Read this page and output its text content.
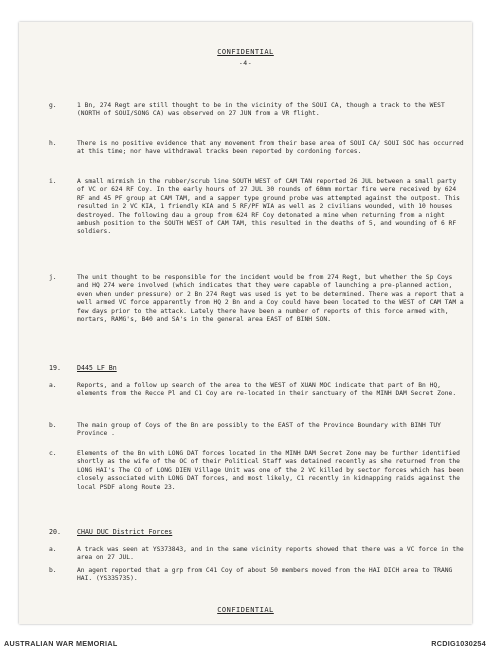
CONFIDENTIAL
-4-
g.	1 Bn, 274 Regt are still thought to be in the vicinity of the SOUI CA, though a track to the WEST (NORTH of SOUI/SONG CA) was observed on 27 JUN from a VR flight.
h.	There is no positive evidence that any movement from their base area of SOUI CA/ SOUI SOC has occurred at this time; nor have withdrawal tracks been reported by cordoning forces.
i.	A small mirmish in the rubber/scrub line SOUTH WEST of CAM TAN reported 26 JUL between a small party of VC or 624 RF Coy. In the early hours of 27 JUL 30 rounds of 60mm mortar fire were received by 624 RF and 45 PF group at CAM TAM, and a sapper type ground probe was attempted against the outpost. This resulted in 2 VC KIA, 1 friendly KIA and 5 RF/PF WIA as well as 2 civilians wounded, with 10 houses destroyed. The following dau a group from 624 RF Coy detonated a mine when returning from a night ambush position to the SOUTH WEST of CAM TAM, this resulted in the deaths of 5, and wounding of 6 RF soldiers.
j.	The unit thought to be responsible for the incident would be from 274 Regt, but whether the Sp Coys and HQ 274 were involved (which indicates that they were capable of launching a pre-planned action, even when under pressure) or 2 Bn 274 Regt was used is yet to be determined. There was a report that a well armed VC force apparently from HQ 2 Bn and a Coy could have been located to the WEST of CAM TAM a few days prior to the attack. Lately there have been a number of reports of this force armed with, mortars, RAMG's, B40 and SA's in the general area EAST of BINH SON.
19. D445 LF Bn
a.	Reports, and a follow up search of the area to the WEST of XUAN MOC indicate that part of Bn HQ, elements from the Recce Pl and C1 Coy are re-located in their sanctuary of the MINH DAM Secret Zone.
b.	The main group of Coys of the Bn are possibly to the EAST of the Province Boundary with BINH TUY Province .
c.	Elements of the Bn with LONG DAT forces located in the MINH DAM Secret Zone may be further identified shortly as the wife of the OC of their Political Staff was detained recently as she returned from the LONG HAI's The CO of LONG DIEN Village Unit was one of the 2 VC killed by sector forces which has been closely associated with LONG DAT forces, and most likely, C1 recently in kidnapping raids against the local PSDF along Route 23.
20. CHAU DUC District Forces
a.	A track was seen at YS373843, and in the same vicinity reports showed that there was a VC force in the area on 27 JUL.
b.	An agent reported that a grp from C41 Coy of about 50 members moved from the HAI DICH area to TRANG HAI. (YS335735).
CONFIDENTIAL
AUSTRALIAN WAR MEMORIAL	RCDIG1030254
